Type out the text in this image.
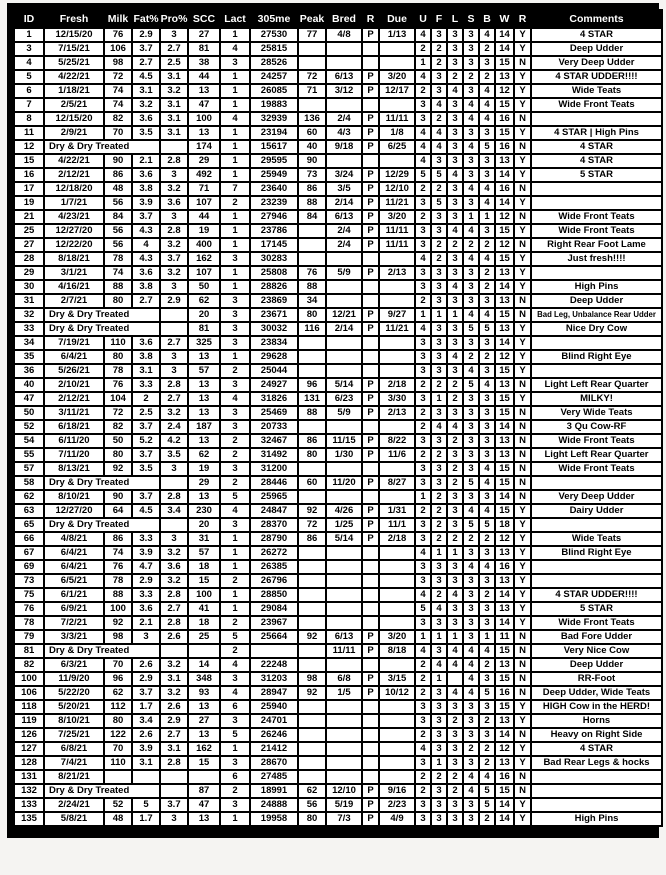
ID	Fresh	Milk	Fat%	Pro%	SCC	Lact	305me	Peak	Bred	R	Due	U	F	L	S	B	W	R	Comments
1	12/15/20	76	2.9	3	27	1	27530	77	4/8	P	1/13	4	3	3	3	4	14	Y	4 STAR
3	7/15/21	106	3.7	2.7	81	4	25815					2	2	3	3	2	14	Y	Deep Udder
4	5/25/21	98	2.7	2.5	38	3	28526					1	2	3	3	3	15	N	Very Deep Udder
5	4/22/21	72	4.5	3.1	44	1	24257	72	6/13	P	3/20	4	3	2	2	2	13	Y	4 STAR UDDER!!!!
6	1/18/21	74	3.1	3.2	13	1	26085	71	3/12	P	12/17	2	3	4	3	4	12	Y	Wide Teats
7	2/5/21	74	3.2	3.1	47	1	19883					3	4	3	4	4	15	Y	Wide Front Teats
8	12/15/20	82	3.6	3.1	100	4	32939	136	2/4	P	11/11	3	2	3	4	4	16	N	
11	2/9/21	70	3.5	3.1	13	1	23194	60	4/3	P	1/8	4	4	3	3	3	15	Y	4 STAR | High Pins
12	Dry & Dry Treated				174	1	15617	40	9/18	P	6/25	4	4	3	4	5	16	N	4 STAR
15	4/22/21	90	2.1	2.8	29	1	29595	90				4	3	3	3	3	13	Y	4 STAR
16	2/12/21	86	3.6	3	492	1	25949	73	3/24	P	12/29	5	5	4	3	3	14	Y	5 STAR
17	12/18/20	48	3.8	3.2	71	7	23640	86	3/5	P	12/10	2	2	3	4	4	16	N	
19	1/7/21	56	3.9	3.6	107	2	23239	88	2/14	P	11/21	3	5	3	3	4	14	Y	
21	4/23/21	84	3.7	3	44	1	27946	84	6/13	P	3/20	2	3	3	1	1	12	N	Wide Front Teats
25	12/27/20	56	4.3	2.8	19	1	23786		2/4	P	11/11	3	3	4	4	3	15	Y	Wide Front Teats
27	12/22/20	56	4	3.2	400	1	17145		2/4	P	11/11	3	2	2	2	2	12	N	Right Rear Foot Lame
28	8/18/21	78	4.3	3.7	162	3	30283					4	2	3	4	4	15	Y	Just fresh!!!!
29	3/1/21	74	3.6	3.2	107	1	25808	76	5/9	P	2/13	3	3	3	3	2	13	Y	
30	4/16/21	88	3.8	3	50	1	28826	88				3	3	4	3	2	14	Y	High Pins
31	2/7/21	80	2.7	2.9	62	3	23869	34				2	3	3	3	3	13	N	Deep Udder
32	Dry & Dry Treated				20	3	23671	80	12/21	P	9/27	1	1	1	4	4	15	N	Bad Leg, Unbalance Rear Udder
33	Dry & Dry Treated				81	3	30032	116	2/14	P	11/21	4	3	3	5	5	13	Y	Nice Dry Cow
34	7/19/21	110	3.6	2.7	325	3	23834					3	3	3	3	3	14	Y	
35	6/4/21	80	3.8	3	13	1	29628					3	3	4	2	2	12	Y	Blind Right Eye
36	5/26/21	78	3.1	3	57	2	25044					3	3	3	4	3	15	Y	
40	2/10/21	76	3.3	2.8	13	3	24927	96	5/14	P	2/18	2	2	2	5	4	13	N	Light Left Rear Quarter
47	2/12/21	104	2	2.7	13	4	31826	131	6/23	P	3/30	3	1	2	3	3	15	Y	MILKY!
50	3/11/21	72	2.5	3.2	13	3	25469	88	5/9	P	2/13	2	3	3	3	3	15	N	Very Wide Teats
52	6/18/21	82	3.7	2.4	187	3	20733					2	4	4	3	3	14	N	3 Qu Cow-RF
54	6/11/20	50	5.2	4.2	13	2	32467	86	11/15	P	8/22	3	3	2	3	3	13	N	Wide Front Teats
55	7/11/20	80	3.7	3.5	62	2	31492	80	1/30	P	11/6	2	2	3	3	3	13	N	Light Left Rear Quarter
57	8/13/21	92	3.5	3	19	3	31200					3	3	2	3	4	15	N	Wide Front Teats
58	Dry & Dry Treated				29	2	28446	60	11/20	P	8/27	3	3	2	5	4	15	N	
62	8/10/21	90	3.7	2.8	13	5	25965					1	2	3	3	3	14	N	Very Deep Udder
63	12/27/20	64	4.5	3.4	230	4	24847	92	4/26	P	1/31	2	2	3	4	4	15	Y	Dairy Udder
65	Dry & Dry Treated				20	3	28370	72	1/25	P	11/1	3	2	3	5	5	18	Y	
66	4/8/21	86	3.3	3	31	1	28790	86	5/14	P	2/18	3	2	2	2	2	12	Y	Wide Teats
67	6/4/21	74	3.9	3.2	57	1	26272					4	1	1	3	3	13	Y	Blind Right Eye
69	6/4/21	76	4.7	3.6	18	1	26385					3	3	3	4	4	16	Y	
73	6/5/21	78	2.9	3.2	15	2	26796					3	3	3	3	3	13	Y	
75	6/1/21	88	3.3	2.8	100	1	28850					4	2	4	3	2	14	Y	4 STAR UDDER!!!!
76	6/9/21	100	3.6	2.7	41	1	29084					5	4	3	3	3	13	Y	5 STAR
78	7/2/21	92	2.1	2.8	18	2	23967					3	3	3	3	3	14	Y	Wide Front Teats
79	3/3/21	98	3	2.6	25	5	25664	92	6/13	P	3/20	1	1	1	3	1	11	N	Bad Fore Udder
81	Dry & Dry Treated					2			11/11	P	8/18	4	3	4	4	4	15	N	Very Nice Cow
82	6/3/21	70	2.6	3.2	14	4	22248					2	4	4	4	2	13	N	Deep Udder
100	11/9/20	96	2.9	3.1	348	3	31203	98	6/8	P	3/15	2	1		4	3	15	N	RR-Foot
106	5/22/20	62	3.7	3.2	93	4	28947	92	1/5	P	10/12	2	3	4	4	5	16	N	Deep Udder, Wide Teats
118	5/20/21	112	1.7	2.6	13	6	25940					3	3	3	3	3	15	Y	HIGH Cow in the HERD!
119	8/10/21	80	3.4	2.9	27	3	24701					3	3	2	3	2	13	Y	Horns
126	7/25/21	122	2.6	2.7	13	5	26246					2	3	3	3	3	14	N	Heavy on Right Side
127	6/8/21	70	3.9	3.1	162	1	21412					4	3	3	2	2	12	Y	4 STAR
128	7/4/21	110	3.1	2.8	15	3	28670					3	1	3	3	2	13	Y	Bad Rear Legs & hocks
131	8/21/21					6	27485					2	2	2	4	4	16	N	
132	Dry & Dry Treated				87	2	18991	62	12/10	P	9/16	2	3	2	4	5	15	N	
133	2/24/21	52	5	3.7	47	3	24888	56	5/19	P	2/23	3	3	3	3	5	14	Y	
135	5/8/21	48	1.7	3	13	1	19958	80	7/3	P	4/9	3	3	3	3	2	14	Y	High Pins
